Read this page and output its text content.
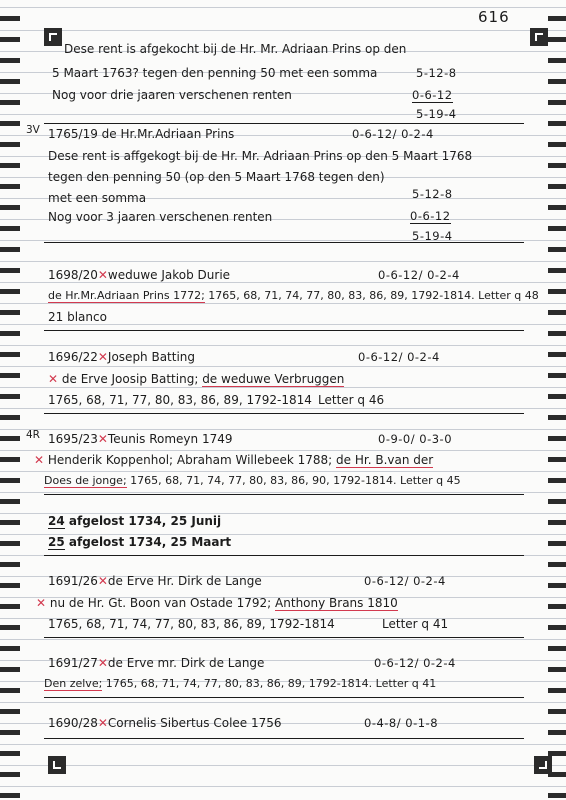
616
Dese rent is afgekocht bij de Hr. Mr. Adriaan Prins op den
5 Maart 1763? tegen den penning 50 met een somma	5-12-8
Nog voor drie jaaren verschenen renten	0-6-12
5-19-4
3V 1765/19 de Hr.Mr.Adriaan Prins	0-6-12/ 0-2-4
Dese rent is affgekogt bij de Hr. Mr. Adriaan Prins op den 5 Maart 1768
tegen den penning 50 (op den 5 Maart 1768 tegen den)
met een somma	5-12-8
Nog voor 3 jaaren verschenen renten	0-6-12
5-19-4
1698/20✕weduwe Jakob Durie	0-6-12/ 0-2-4
de Hr.Mr.Adriaan Prins 1772; 1765, 68, 71, 74, 77, 80, 83, 86, 89, 1792-1814. Letter q 48
21 blanco
1696/22✕Joseph Batting	0-6-12/ 0-2-4
✕ de Erve Joosip Batting; de weduwe Verbruggen
1765, 68, 71, 77, 80, 83, 86, 89, 1792-1814 Letter q 46
4R 1695/23✕Teunis Romeyn 1749	0-9-0/ 0-3-0
✕ Henderik Koppenhol; Abraham Willebeek 1788; de Hr. B.van der
Does de jonge; 1765, 68, 71, 74, 77, 80, 83, 86, 90, 1792-1814. Letter q 45
24 afgelost 1734, 25 Junij
25 afgelost 1734, 25 Maart
1691/26✕de Erve Hr. Dirk de Lange	0-6-12/ 0-2-4
✕ nu de Hr. Gt. Boon van Ostade 1792; Anthony Brans 1810
1765, 68, 71, 74, 77, 80, 83, 86, 89, 1792-1814	Letter q 41
1691/27✕de Erve mr. Dirk de Lange	0-6-12/ 0-2-4
Den zelve; 1765, 68, 71, 74, 77, 80, 83, 86, 89, 1792-1814. Letter q 41
1690/28✕Cornelis Sibertus Colee 1756	0-4-8/ 0-1-8
